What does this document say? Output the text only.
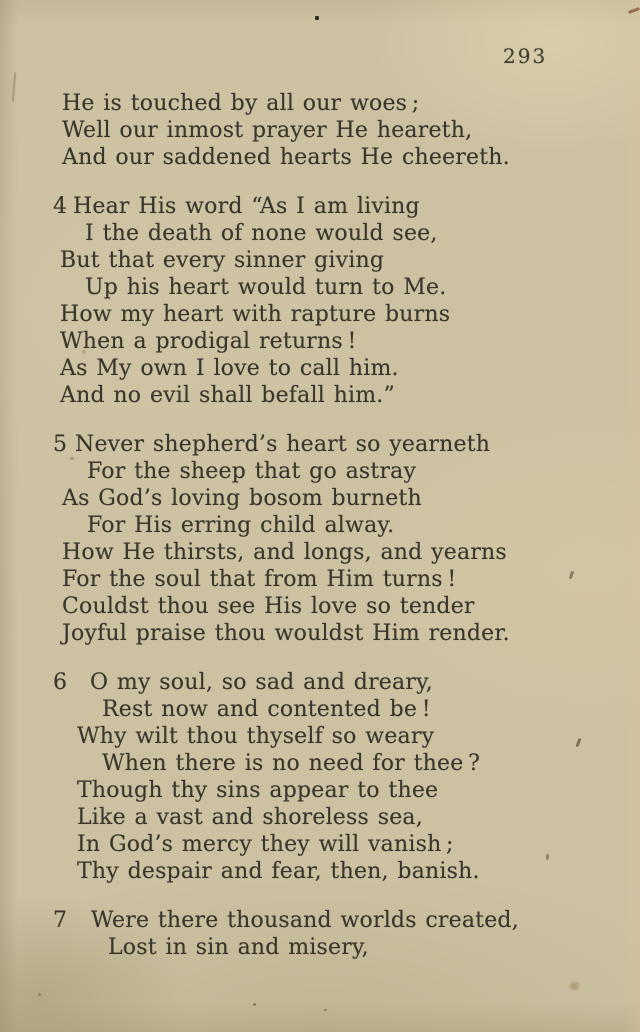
293

He is touched by all our woes ;

Well our inmost prayer He heareth,

And our saddened hearts He cheereth.

4 Hear His word “As I am living

I the death of none would see,

But that every sinner giving

Up his heart would turn to Me.

How my heart with rapture burns

When a prodigal returns !

As My own I love to call him.

And no evil shall befall him.”

5 Never shepherd’s heart so yearneth

For the sheep that go astray

As God’s loving bosom burneth

For His erring child alway.

How He thirsts, and longs, and yearns

For the soul that from Him turns !

Couldst thou see His love so tender

Joyful praise thou wouldst Him render.

6	O my soul, so sad and dreary,

Rest now and contented be !

Why wilt thou thyself so weary

When there is no need for thee ?

Though thy sins appear to thee

Like a vast and shoreless sea,

In God’s mercy they will vanish ;

Thy despair and fear, then, banish.

7	Were there thousand worlds created,

Lost in sin and misery,
